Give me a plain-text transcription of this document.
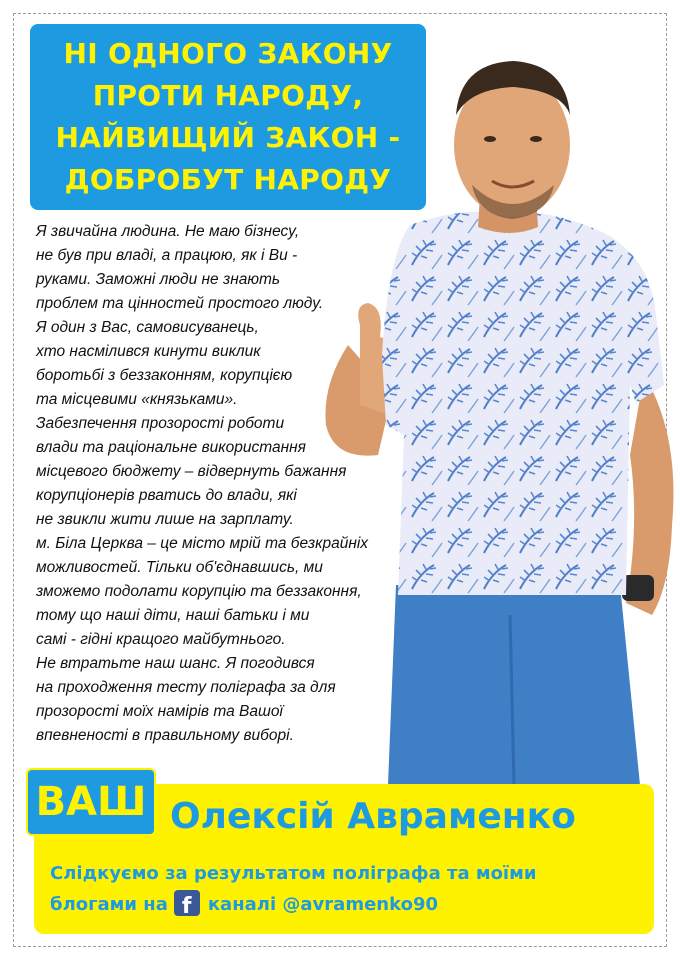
НІ ОДНОГО ЗАКОНУ
ПРОТИ НАРОДУ,
НАЙВИЩИЙ ЗАКОН -
ДОБРОБУТ НАРОДУ
Я звичайна людина. Не маю бізнесу,
не був при владі, а працюю, як і Ви -
руками. Заможні люди не знають
проблем та цінностей простого люду.
Я один з Вас, самовисуванець,
хто насмілився кинути виклик
боротьбі з беззаконням, корупцією
та місцевими «князьками».
Забезпечення прозорості роботи
влади та раціональне використання
місцевого бюджету – відвернуть бажання
корупціонерів рватись до влади, які
не звикли жити лише на зарплату.
м. Біла Церква – це місто мрій та безкрайніх
можливостей. Тільки об'єднавшись, ми
зможемо подолати корупцію та беззаконня,
тому що наші діти, наші батьки і ми
самі - гідні кращого майбутнього.
Не втратьте наш шанс. Я погодився
на проходження тесту поліграфа за для
прозорості моїх намірів та Вашої
впевненості в правильному виборі.
ВАШ Олексій Авраменко
Слідкуємо за результатом поліграфа та моїми
блогами наf каналі @avramenko90
